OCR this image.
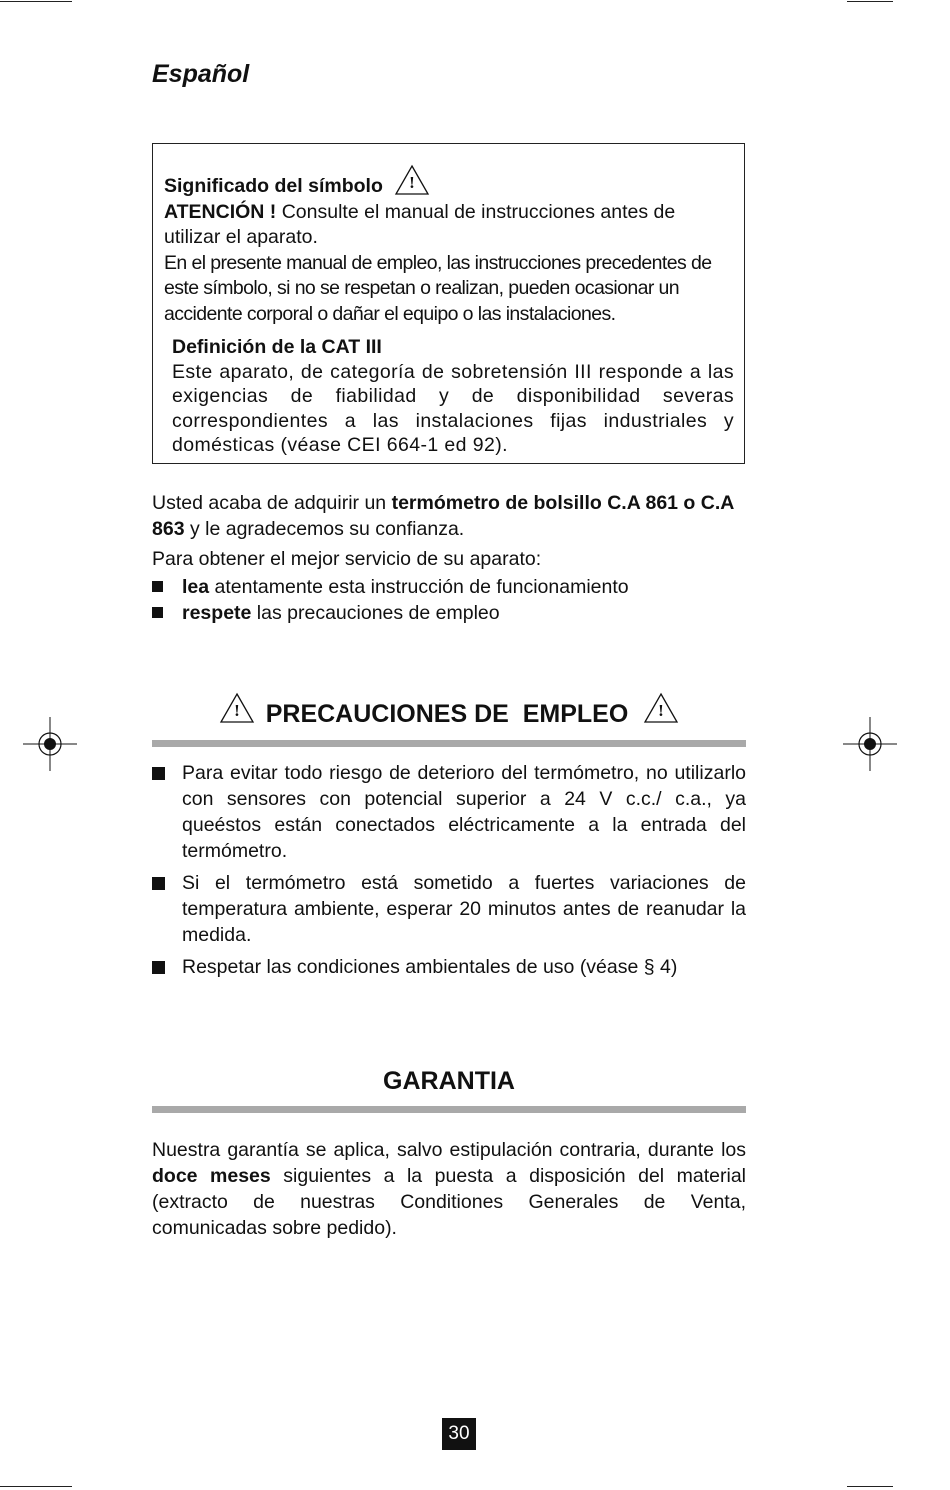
Español

Significado del símbolo !

ATENCIÓN ! Consulte el manual de instrucciones antes de utilizar el aparato.

En el presente manual de empleo, las instrucciones precedentes de este símbolo, si no se respetan o realizan, pueden ocasionar un accidente corporal o dañar el equipo o las instalaciones.

Definición de la CAT III

Este aparato, de categoría de sobretensión III responde a las exigencias de fiabilidad y de disponibilidad severas correspondientes a las instalaciones fijas industriales y domésticas (véase CEI 664-1 ed 92).

Usted acaba de adquirir un termómetro de bolsillo C.A 861 o C.A 863 y le agradecemos su confianza.

Para obtener el mejor servicio de su aparato:

lea atentamente esta instrucción de funcionamiento
respete las precauciones de empleo
! PRECAUCIONES DE  EMPLEO !
Para evitar todo riesgo de deterioro del termómetro, no utilizarlo con sensores con potencial superior a 24 V c.c./ c.a., ya queéstos están conectados eléctricamente a la entrada del termómetro.
Si el termómetro está sometido a fuertes variaciones de temperatura ambiente, esperar 20 minutos antes de reanudar la medida.
Respetar las condiciones ambientales de uso (véase § 4)
GARANTIA
Nuestra garantía se aplica, salvo estipulación contraria, durante los doce meses siguientes a la puesta a disposición del material (extracto de nuestras Conditiones Generales de Venta, comunicadas sobre pedido).
30
